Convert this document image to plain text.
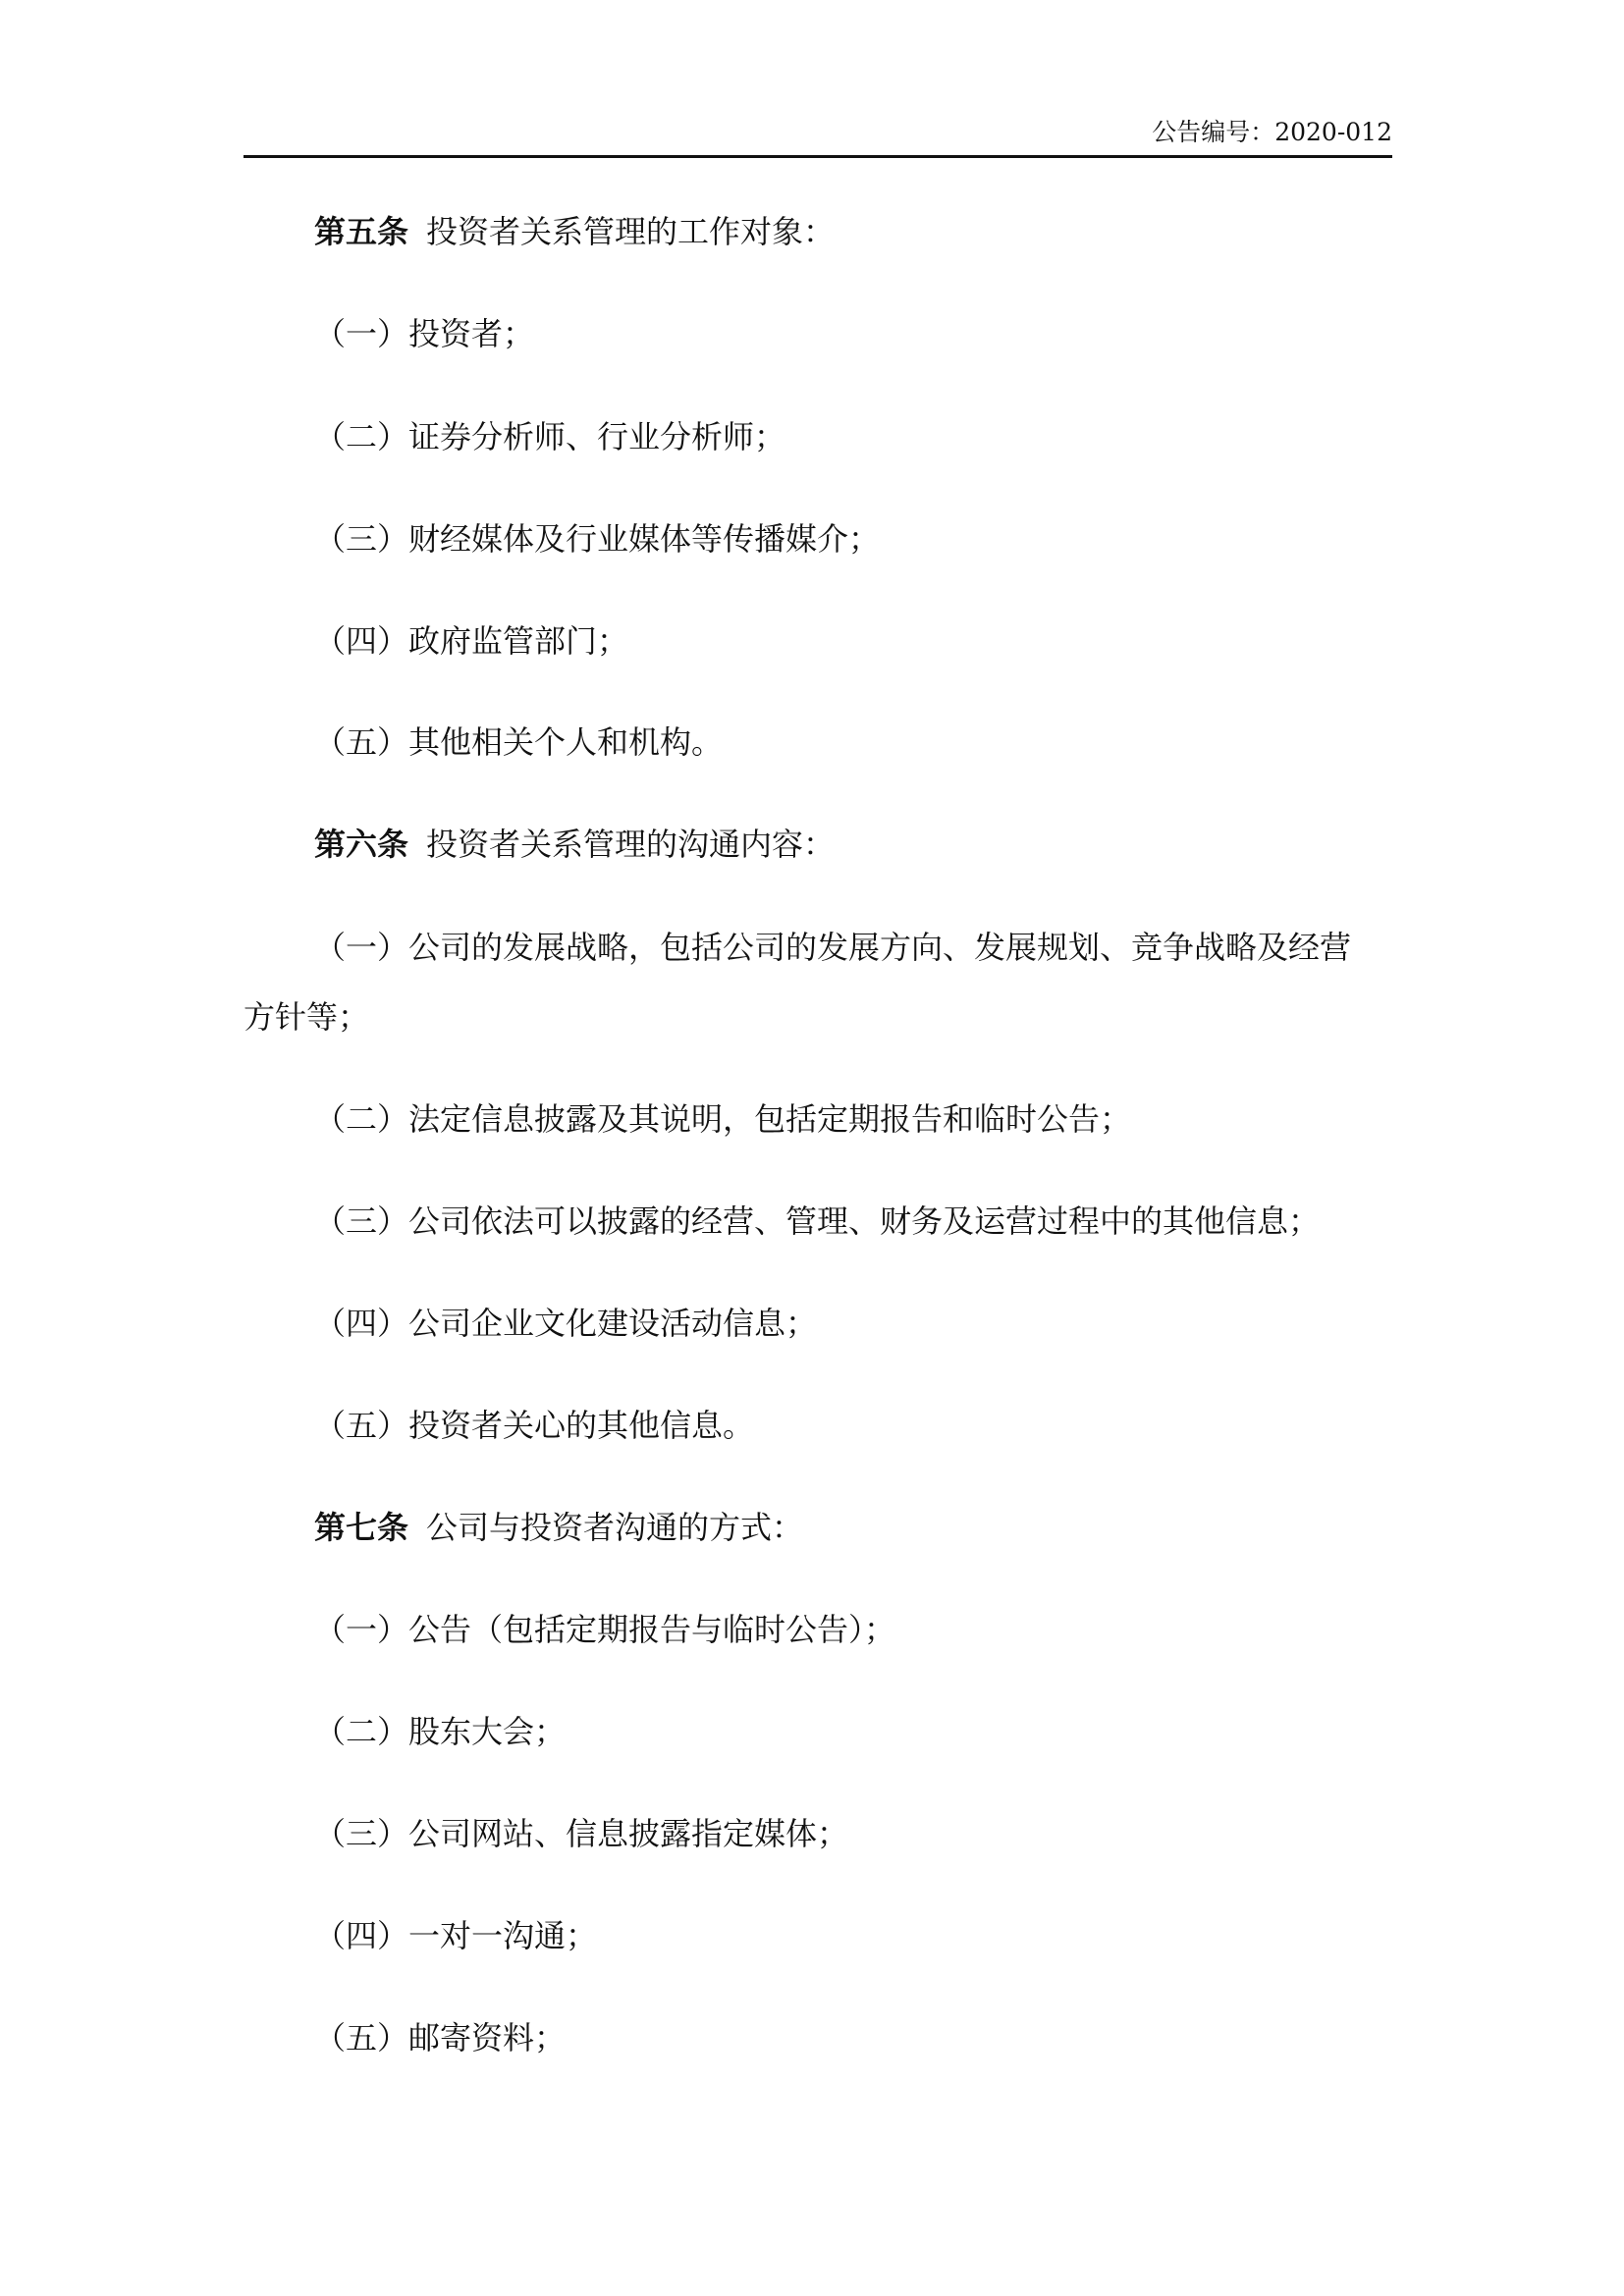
公告编号：2020-012
第五条 投资者关系管理的工作对象：
（一）投资者；
（二）证券分析师、行业分析师；
（三）财经媒体及行业媒体等传播媒介；
（四）政府监管部门；
（五）其他相关个人和机构。
第六条 投资者关系管理的沟通内容：
（一）公司的发展战略，包括公司的发展方向、发展规划、竞争战略及经营
方针等；
（二）法定信息披露及其说明，包括定期报告和临时公告；
（三）公司依法可以披露的经营、管理、财务及运营过程中的其他信息；
（四）公司企业文化建设活动信息；
（五）投资者关心的其他信息。
第七条 公司与投资者沟通的方式：
（一）公告（包括定期报告与临时公告）；
（二）股东大会；
（三）公司网站、信息披露指定媒体；
（四）一对一沟通；
（五）邮寄资料；
